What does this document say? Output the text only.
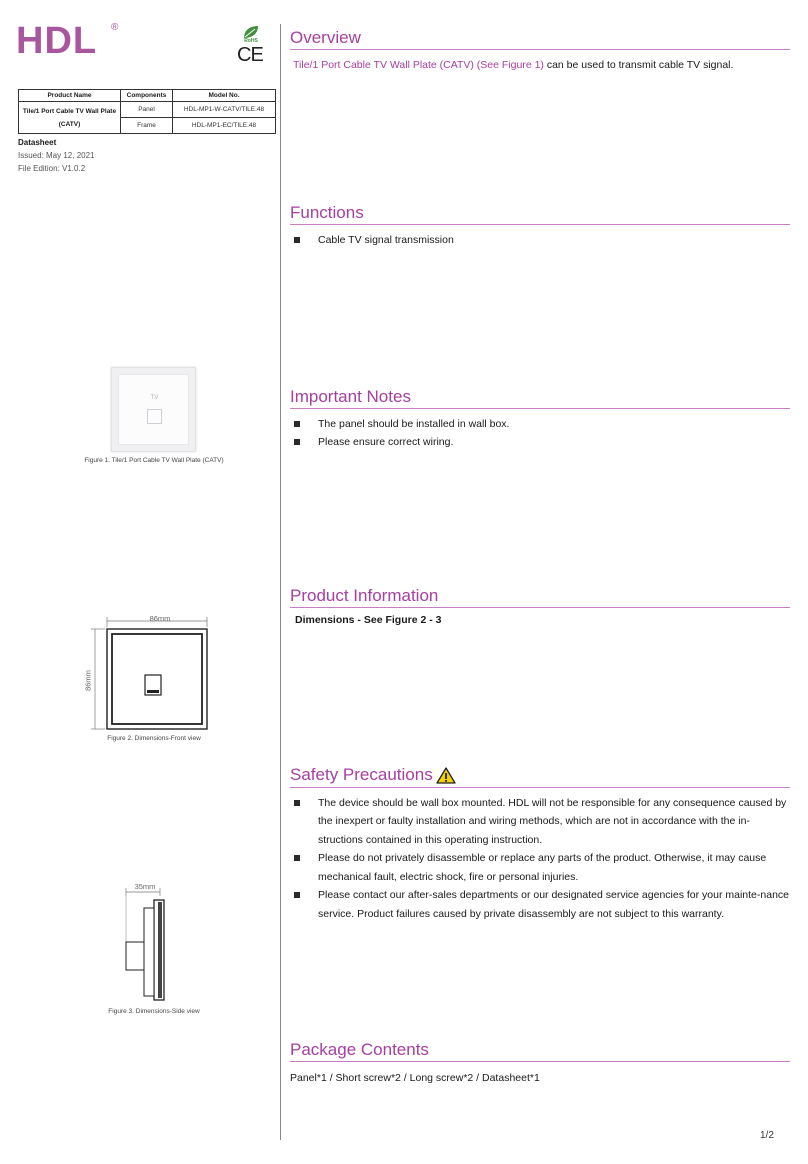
HDL ®
RoHS
CE
Product Name	Components	Model No.
Tile/1 Port Cable TV Wall Plate (CATV)	Panel	HDL-MP1-W-CATV/TILE.48
	Frame	HDL-MP1-EC/TILE.48
Datasheet
Issued: May 12, 2021
File Edition: V1.0.2
TV
Figure 1. Tile/1 Port Cable TV Wall Plate (CATV)
86mm
86mm
Figure 2. Dimensions-Front view
35mm
Figure 3. Dimensions-Side view
Overview

Tile/1 Port Cable TV Wall Plate (CATV) (See Figure 1) can be used to transmit cable TV signal.

Functions
Cable TV signal transmission
Important Notes
The panel should be installed in wall box.
Please ensure correct wiring.
Product Information
Dimensions - See Figure 2 - 3
Safety Precautions
The device should be wall box mounted. HDL will not be responsible for any consequence caused by the inexpert or faulty installation and wiring methods, which are not in accordance with the in-structions contained in this operating instruction.
Please do not privately disassemble or replace any parts of the product. Otherwise, it may cause mechanical fault, electric shock, fire or personal injuries.
Please contact our after-sales departments or our designated service agencies for your mainte-nance service. Product failures caused by private disassembly are not subject to this warranty.
Package Contents

Panel*1 / Short screw*2 / Long screw*2 / Datasheet*1

1/2
